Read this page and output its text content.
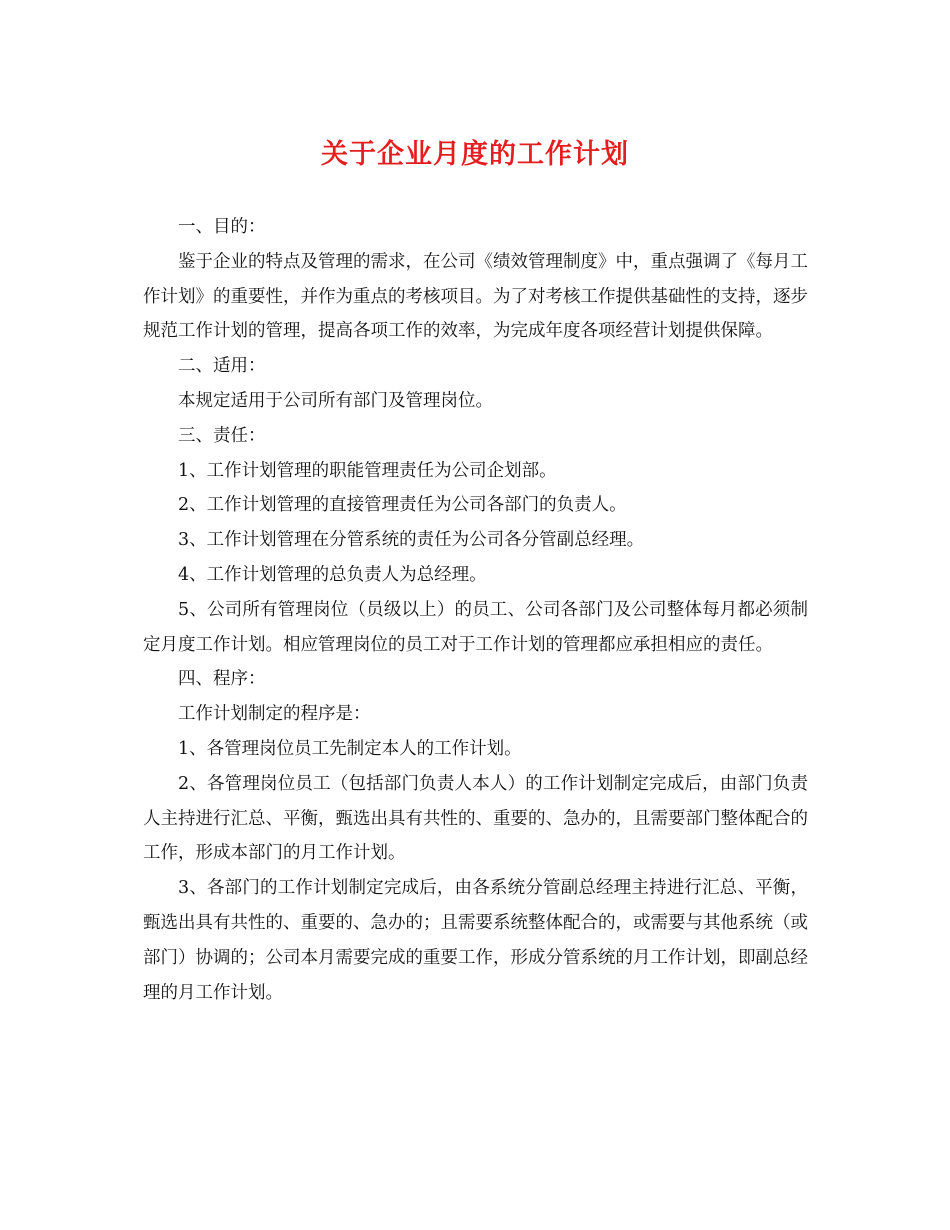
关于企业月度的工作计划

一、目的：

鉴于企业的特点及管理的需求，在公司《绩效管理制度》中，重点强调了《每月工作计划》的重要性，并作为重点的考核项目。为了对考核工作提供基础性的支持，逐步规范工作计划的管理，提高各项工作的效率，为完成年度各项经营计划提供保障。

二、适用：

本规定适用于公司所有部门及管理岗位。

三、责任：

1、工作计划管理的职能管理责任为公司企划部。

2、工作计划管理的直接管理责任为公司各部门的负责人。

3、工作计划管理在分管系统的责任为公司各分管副总经理。

4、工作计划管理的总负责人为总经理。

5、公司所有管理岗位（员级以上）的员工、公司各部门及公司整体每月都必须制定月度工作计划。相应管理岗位的员工对于工作计划的管理都应承担相应的责任。

四、程序：

工作计划制定的程序是：

1、各管理岗位员工先制定本人的工作计划。

2、各管理岗位员工（包括部门负责人本人）的工作计划制定完成后，由部门负责人主持进行汇总、平衡，甄选出具有共性的、重要的、急办的，且需要部门整体配合的工作，形成本部门的月工作计划。

3、各部门的工作计划制定完成后，由各系统分管副总经理主持进行汇总、平衡，甄选出具有共性的、重要的、急办的；且需要系统整体配合的，或需要与其他系统（或部门）协调的；公司本月需要完成的重要工作，形成分管系统的月工作计划，即副总经理的月工作计划。
